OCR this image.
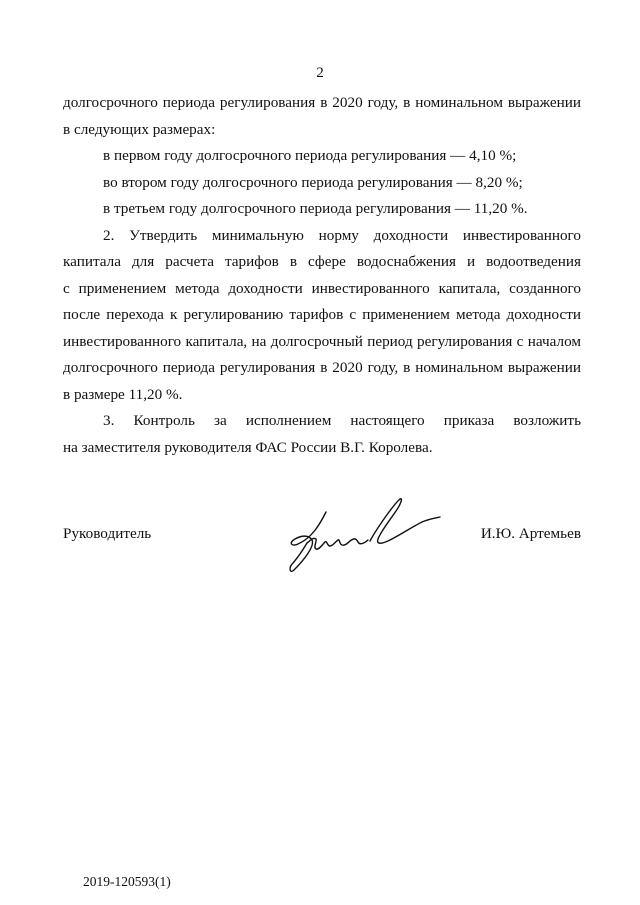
2
долгосрочного периода регулирования в 2020 году, в номинальном выражении
в следующих размерах:
в первом году долгосрочного периода регулирования — 4,10 %;
во втором году долгосрочного периода регулирования — 8,20 %;
в третьем году долгосрочного периода регулирования — 11,20 %.
2. Утвердить минимальную норму доходности инвестированного
капитала для расчета тарифов в сфере водоснабжения и водоотведения
с применением метода доходности инвестированного капитала, созданного
после перехода к регулированию тарифов с применением метода доходности
инвестированного капитала, на долгосрочный период регулирования с началом
долгосрочного периода регулирования в 2020 году, в номинальном выражении
в размере 11,20 %.
3. Контроль за исполнением настоящего приказа возложить
на заместителя руководителя ФАС России В.Г. Королева.
Руководитель	И.Ю. Артемьев
2019-120593(1)
